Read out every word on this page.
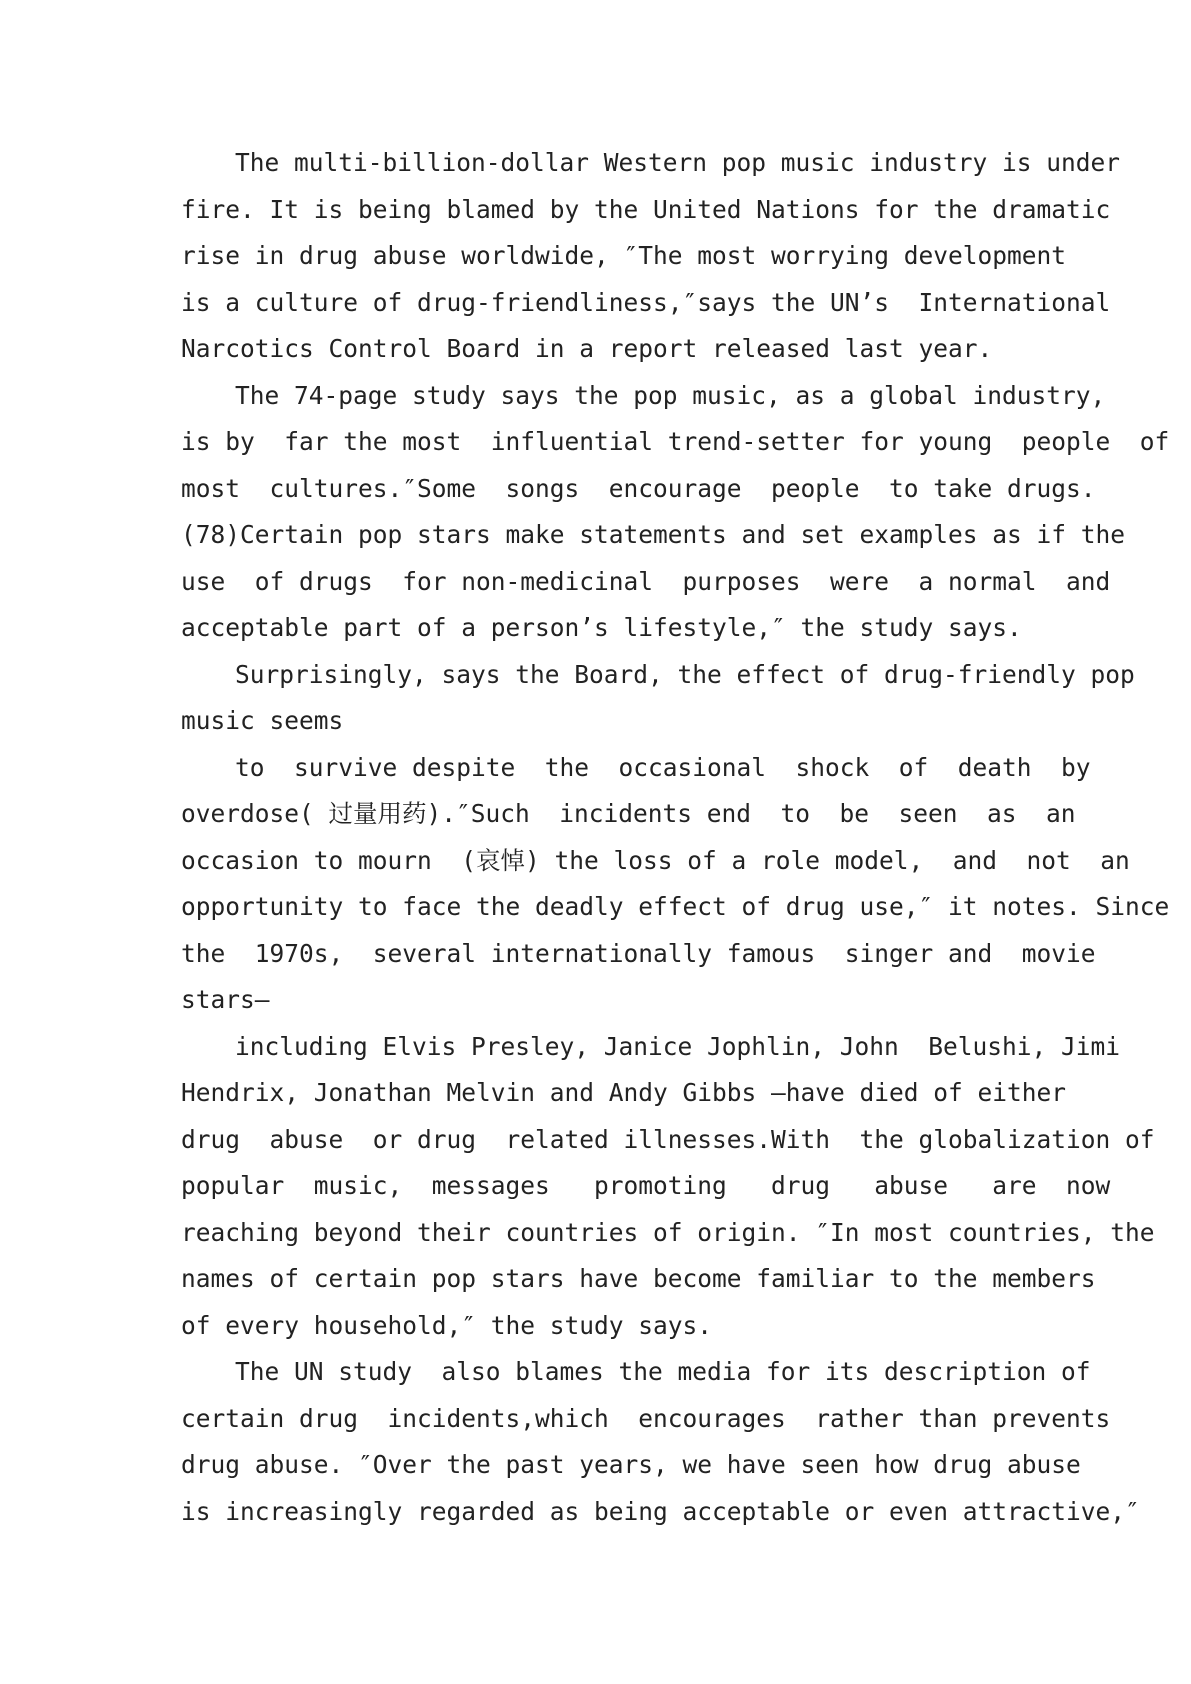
The multi-billion-dollar Western pop music industry is under
fire. It is being blamed by the United Nations for the dramatic
rise in drug abuse worldwide, ″The most worrying development
is a culture of drug-friendliness,″says the UN’s  International
Narcotics Control Board in a report released last year.
The 74-page study says the pop music, as a global industry,
is by  far the most  influential trend-setter for young  people  of
most  cultures.″Some  songs  encourage  people  to take drugs.
(78)Certain pop stars make statements and set examples as if the
use  of drugs  for non-medicinal  purposes  were  a normal  and
acceptable part of a person’s lifestyle,″ the study says.
Surprisingly, says the Board, the effect of drug-friendly pop
music seems
to  survive despite  the  occasional  shock  of  death  by
overdose( 过量用药).″Such  incidents end  to  be  seen  as  an
occasion to mourn  (哀悼) the loss of a role model,  and  not  an
opportunity to face the deadly effect of drug use,″ it notes. Since
the  1970s,  several internationally famous  singer and  movie
stars—
including Elvis Presley, Janice Jophlin, John  Belushi, Jimi
Hendrix, Jonathan Melvin and Andy Gibbs —have died of either
drug  abuse  or drug  related illnesses.With  the globalization of
popular  music,  messages   promoting   drug   abuse   are  now
reaching beyond their countries of origin. ″In most countries, the
names of certain pop stars have become familiar to the members
of every household,″ the study says.
The UN study  also blames the media for its description of
certain drug  incidents,which  encourages  rather than prevents
drug abuse. ″Over the past years, we have seen how drug abuse
is increasingly regarded as being acceptable or even attractive,″
